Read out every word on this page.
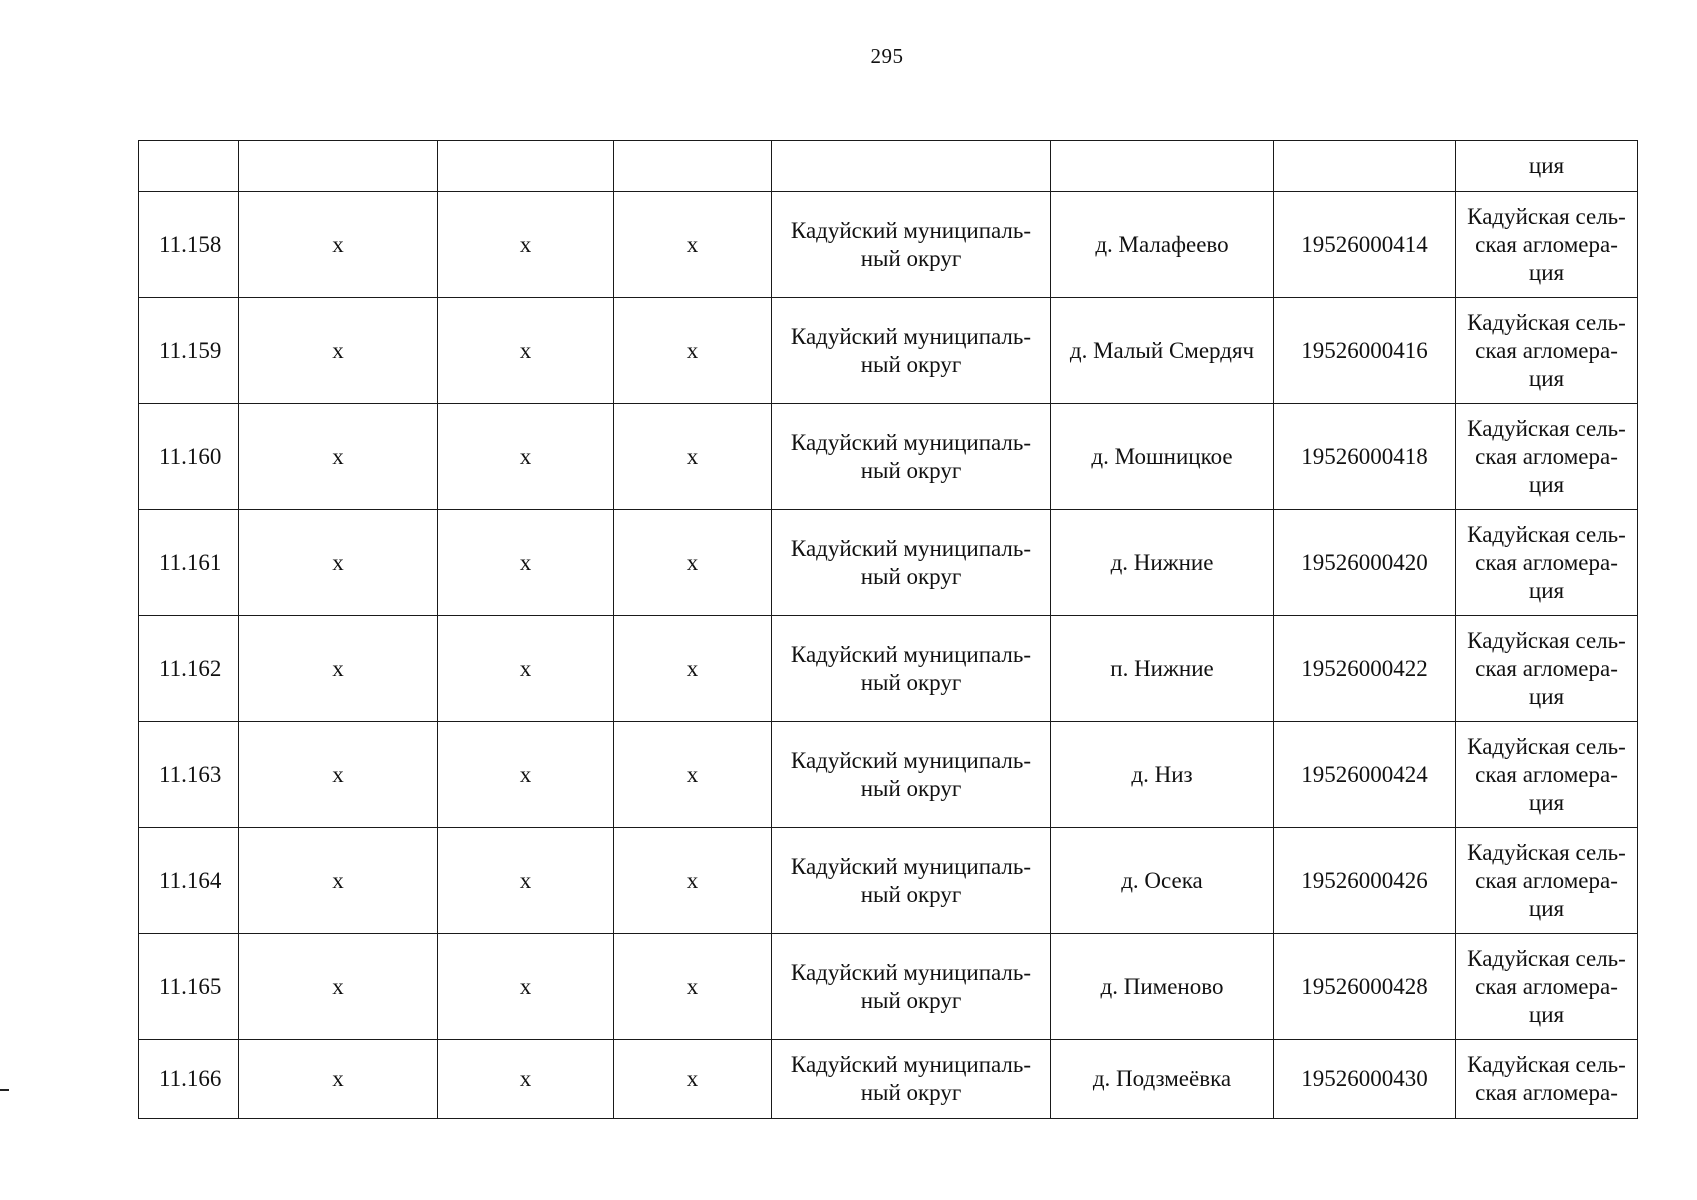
295
							ция
11.158	x	x	x	Кадуйский муниципаль-ный округ	д. Малафеево	19526000414	Кадуйская сель-ская агломера-ция
11.159	x	x	x	Кадуйский муниципаль-ный округ	д. Малый Смердяч	19526000416	Кадуйская сель-ская агломера-ция
11.160	x	x	x	Кадуйский муниципаль-ный округ	д. Мошницкое	19526000418	Кадуйская сель-ская агломера-ция
11.161	x	x	x	Кадуйский муниципаль-ный округ	д. Нижние	19526000420	Кадуйская сель-ская агломера-ция
11.162	x	x	x	Кадуйский муниципаль-ный округ	п. Нижние	19526000422	Кадуйская сель-ская агломера-ция
11.163	x	x	x	Кадуйский муниципаль-ный округ	д. Низ	19526000424	Кадуйская сель-ская агломера-ция
11.164	x	x	x	Кадуйский муниципаль-ный округ	д. Осека	19526000426	Кадуйская сель-ская агломера-ция
11.165	x	x	x	Кадуйский муниципаль-ный округ	д. Пименово	19526000428	Кадуйская сель-ская агломера-ция
11.166	x	x	x	Кадуйский муниципаль-ный округ	д. Подзмеёвка	19526000430	Кадуйская сель-ская агломера-
